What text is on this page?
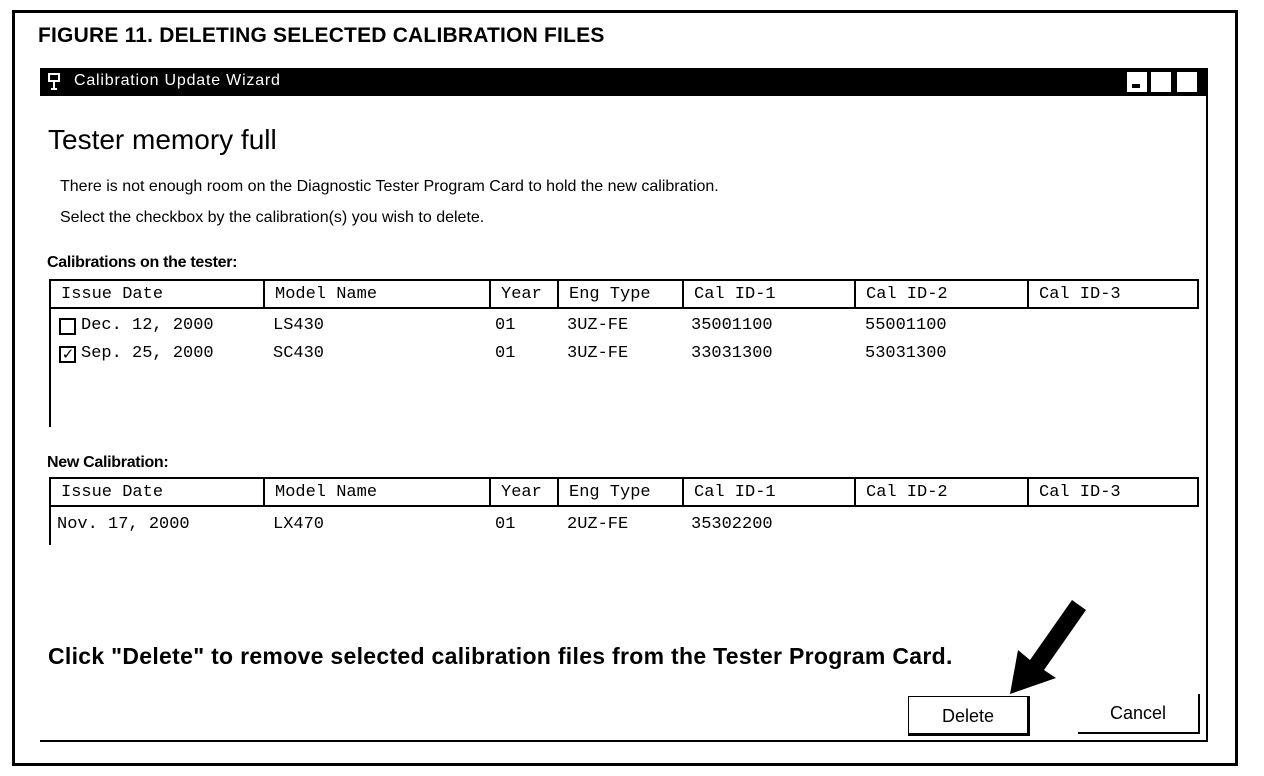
FIGURE 11. DELETING SELECTED CALIBRATION FILES
Calibration Update Wizard	X
Tester memory full

There is not enough room on the Diagnostic Tester Program Card to hold the new calibration.

Select the checkbox by the calibration(s) you wish to delete.

Calibrations on the tester:
Issue Date	Model Name	Year	Eng Type	Cal ID-1	Cal ID-2	Cal ID-3
Dec. 12, 2000	LS430	01	3UZ-FE	35001100	55001100
✓ Sep. 25, 2000	SC430	01	3UZ-FE	33031300	53031300
New Calibration:
Issue Date	Model Name	Year	Eng Type	Cal ID-1	Cal ID-2	Cal ID-3
Nov. 17, 2000	LX470	01	2UZ-FE	35302200

Click "Delete" to remove selected calibration files from the Tester Program Card.

Delete	Cancel
